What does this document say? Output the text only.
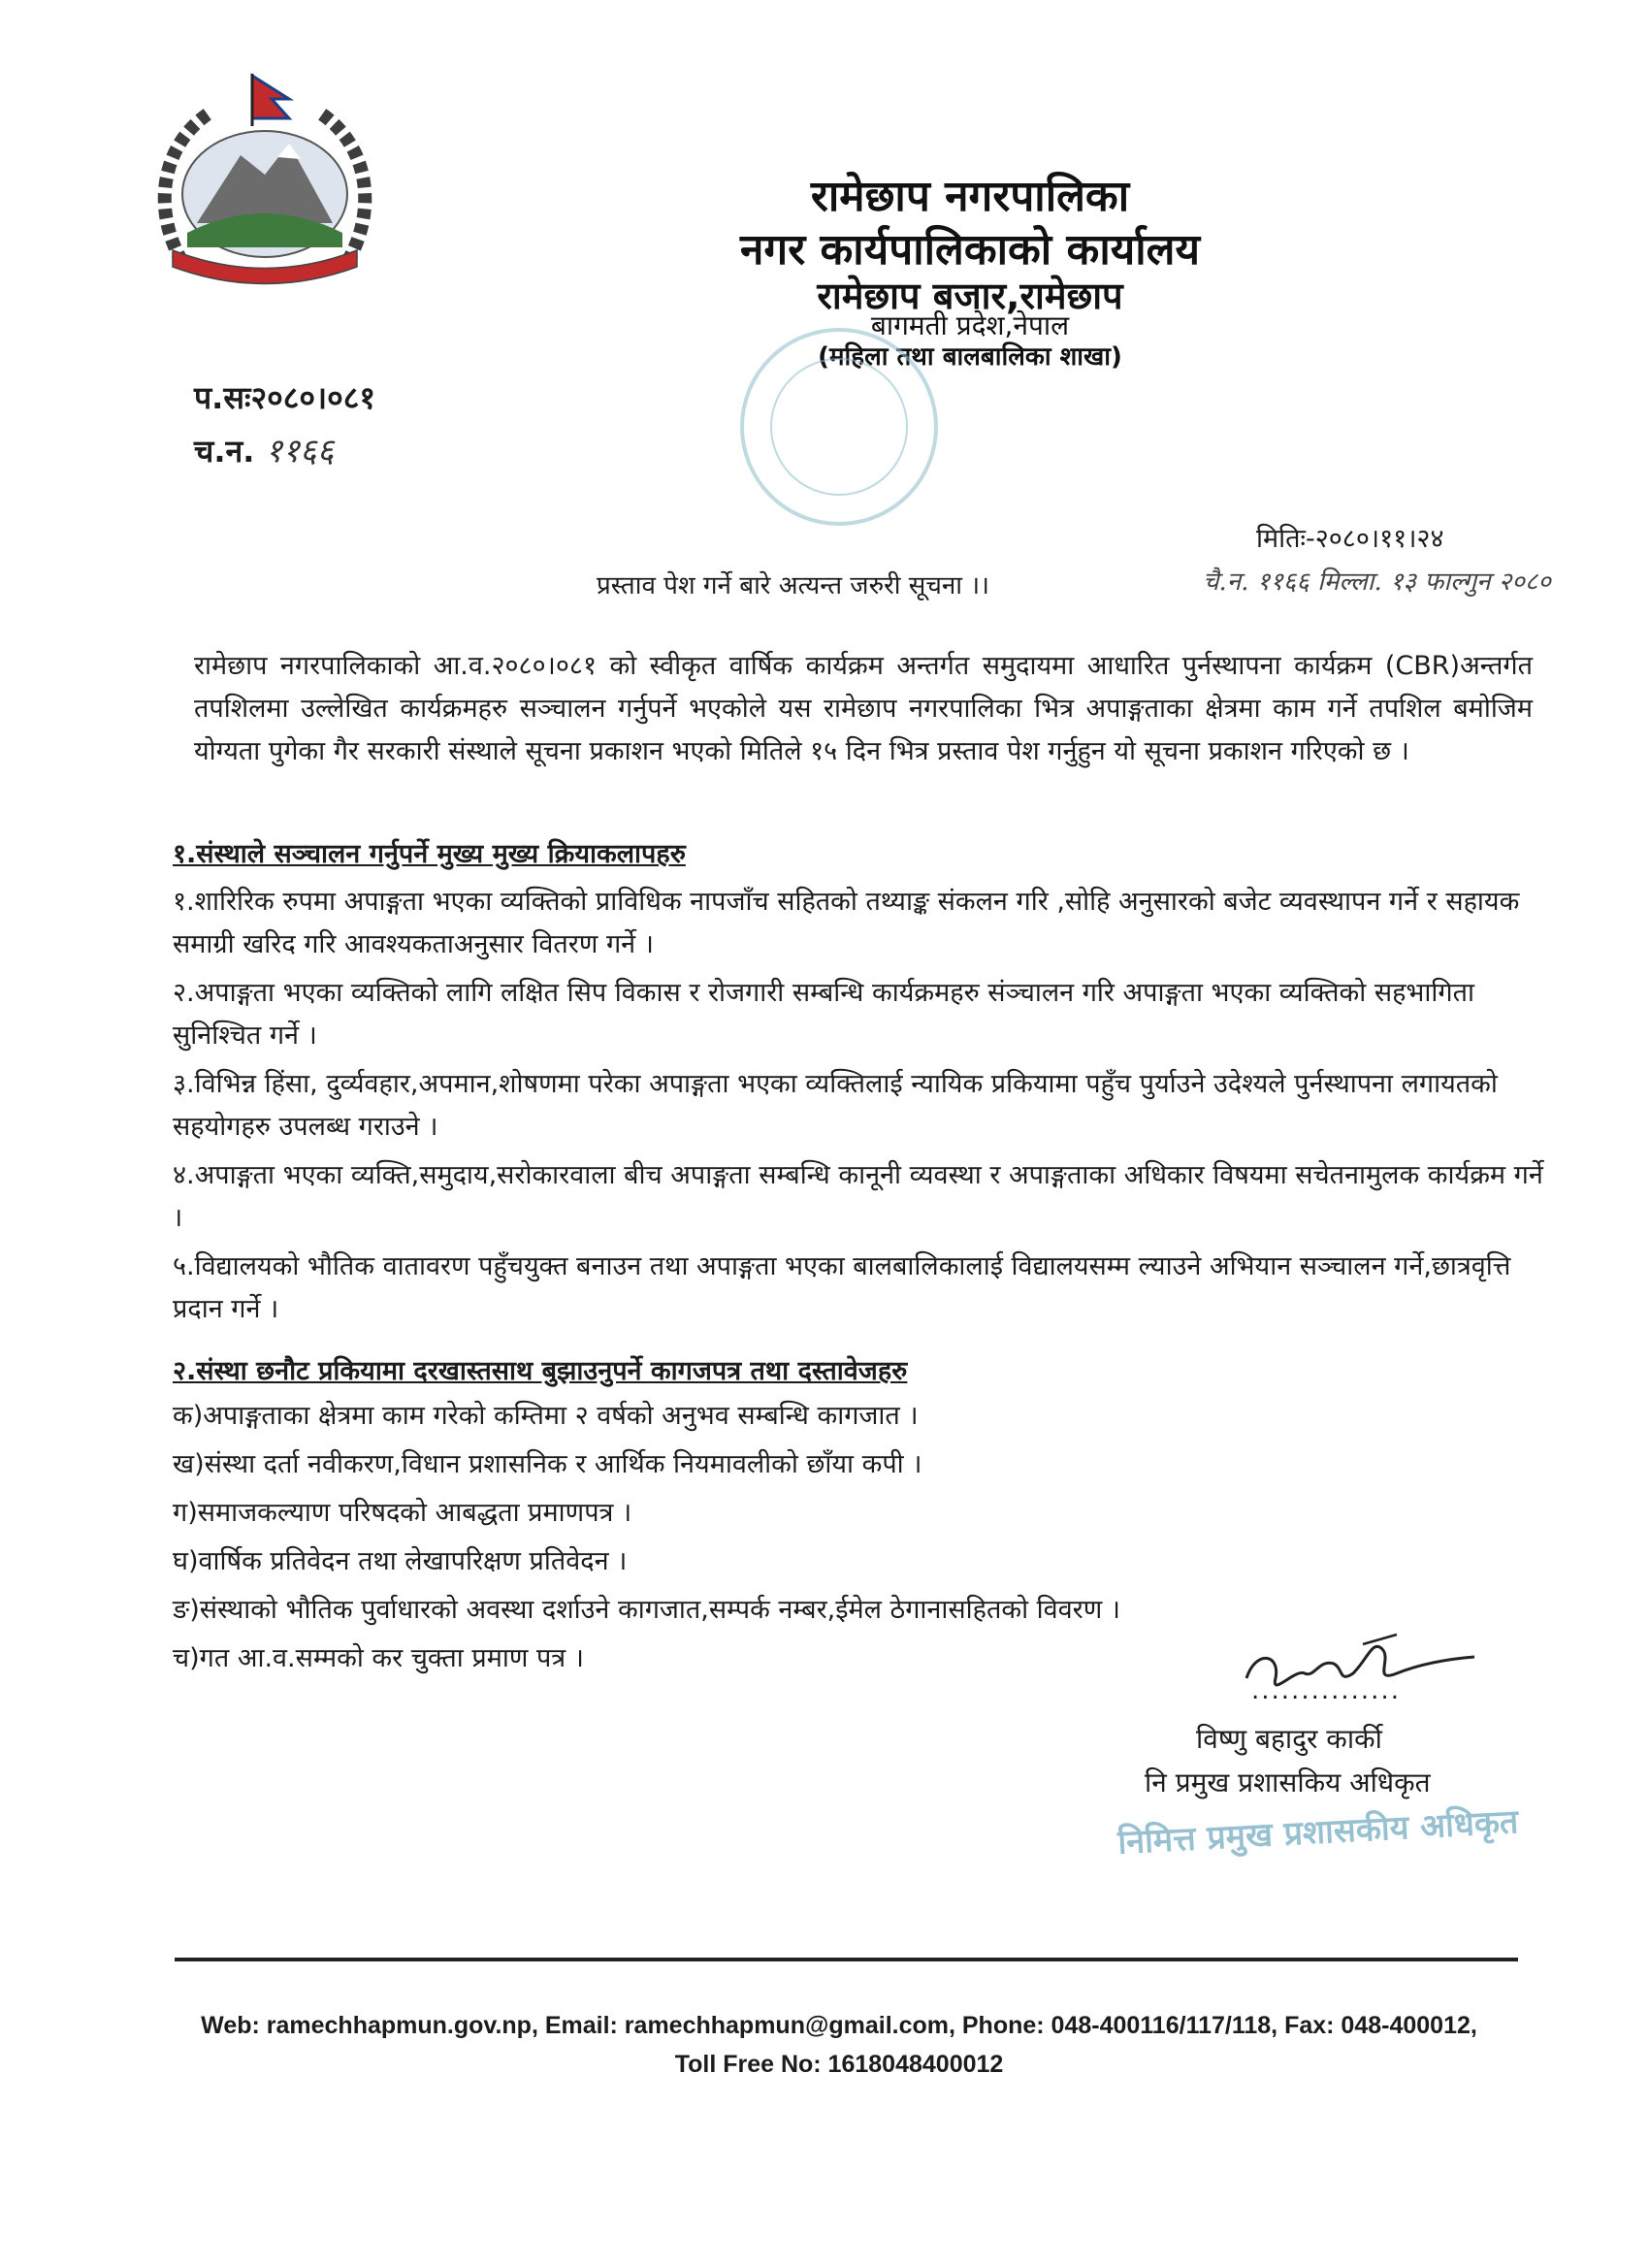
रामेछाप नगरपालिका
नगर कार्यपालिकाको कार्यालय
रामेछाप बजार,रामेछाप
बागमती प्रदेश,नेपाल
(महिला तथा बालबालिका शाखा)
प.सः२०८०।०८१
च.न. ११६६
मितिः-२०८०।११।२४
चै.न. ११६६ मिल्ला. १३ फाल्गुन २०८०
प्रस्ताव पेश गर्ने बारे अत्यन्त जरुरी सूचना ।।
रामेछाप नगरपालिकाको आ.व.२०८०।०८१ को स्वीकृत वार्षिक कार्यक्रम अन्तर्गत समुदायमा आधारित पुर्नस्थापना कार्यक्रम (CBR)अन्तर्गत तपशिलमा उल्लेखित कार्यक्रमहरु सञ्चालन गर्नुपर्ने भएकोले यस रामेछाप नगरपालिका भित्र अपाङ्गताका क्षेत्रमा काम गर्ने तपशिल बमोजिम योग्यता पुगेका गैर सरकारी संस्थाले सूचना प्रकाशन भएको मितिले १५ दिन भित्र प्रस्ताव पेश गर्नुहुन यो सूचना प्रकाशन गरिएको छ ।
१.संस्थाले सञ्चालन गर्नुपर्ने मुख्य मुख्य क्रियाकलापहरु
१.शारिरिक रुपमा अपाङ्गता भएका व्यक्तिको प्राविधिक नापजाँच सहितको तथ्याङ्क संकलन गरि ,सोहि अनुसारको बजेट व्यवस्थापन गर्ने र सहायक समाग्री खरिद गरि आवश्यकताअनुसार वितरण गर्ने ।
२.अपाङ्गता भएका व्यक्तिको लागि लक्षित सिप विकास र रोजगारी सम्बन्धि कार्यक्रमहरु संञ्चालन गरि अपाङ्गता भएका व्यक्तिको सहभागिता सुनिश्चित गर्ने ।
३.विभिन्न हिंसा, दुर्व्यवहार,अपमान,शोषणमा परेका अपाङ्गता भएका व्यक्तिलाई न्यायिक प्रकियामा पहुँच पुर्याउने उदेश्यले पुर्नस्थापना लगायतको सहयोगहरु उपलब्ध गराउने ।
४.अपाङ्गता भएका व्यक्ति,समुदाय,सरोकारवाला बीच अपाङ्गता सम्बन्धि कानूनी व्यवस्था र अपाङ्गताका अधिकार विषयमा सचेतनामुलक कार्यक्रम गर्ने ।
५.विद्यालयको भौतिक वातावरण पहुँचयुक्त बनाउन तथा अपाङ्गता भएका बालबालिकालाई विद्यालयसम्म ल्याउने अभियान सञ्चालन गर्ने,छात्रवृत्ति प्रदान गर्ने ।
२.संस्था छनौट प्रकियामा दरखास्तसाथ बुझाउनुपर्ने कागजपत्र तथा दस्तावेजहरु
क)अपाङ्गताका क्षेत्रमा काम गरेको कम्तिमा २ वर्षको अनुभव सम्बन्धि कागजात ।
ख)संस्था दर्ता नवीकरण,विधान प्रशासनिक र आर्थिक नियमावलीको छाँया कपी ।
ग)समाजकल्याण परिषदको आबद्धता प्रमाणपत्र ।
घ)वार्षिक प्रतिवेदन तथा लेखापरिक्षण प्रतिवेदन ।
ङ)संस्थाको भौतिक पुर्वाधारको अवस्था दर्शाउने कागजात,सम्पर्क नम्बर,ईमेल ठेगानासहितको विवरण ।
च)गत आ.व.सम्मको कर चुक्ता प्रमाण पत्र ।
...............
विष्णु बहादुर कार्की
नि प्रमुख प्रशासकिय अधिकृत
निमित्त प्रमुख प्रशासकीय अधिकृत
Web: ramechhapmun.gov.np, Email: ramechhapmun@gmail.com, Phone: 048-400116/117/118, Fax: 048-400012, Toll Free No: 1618048400012
